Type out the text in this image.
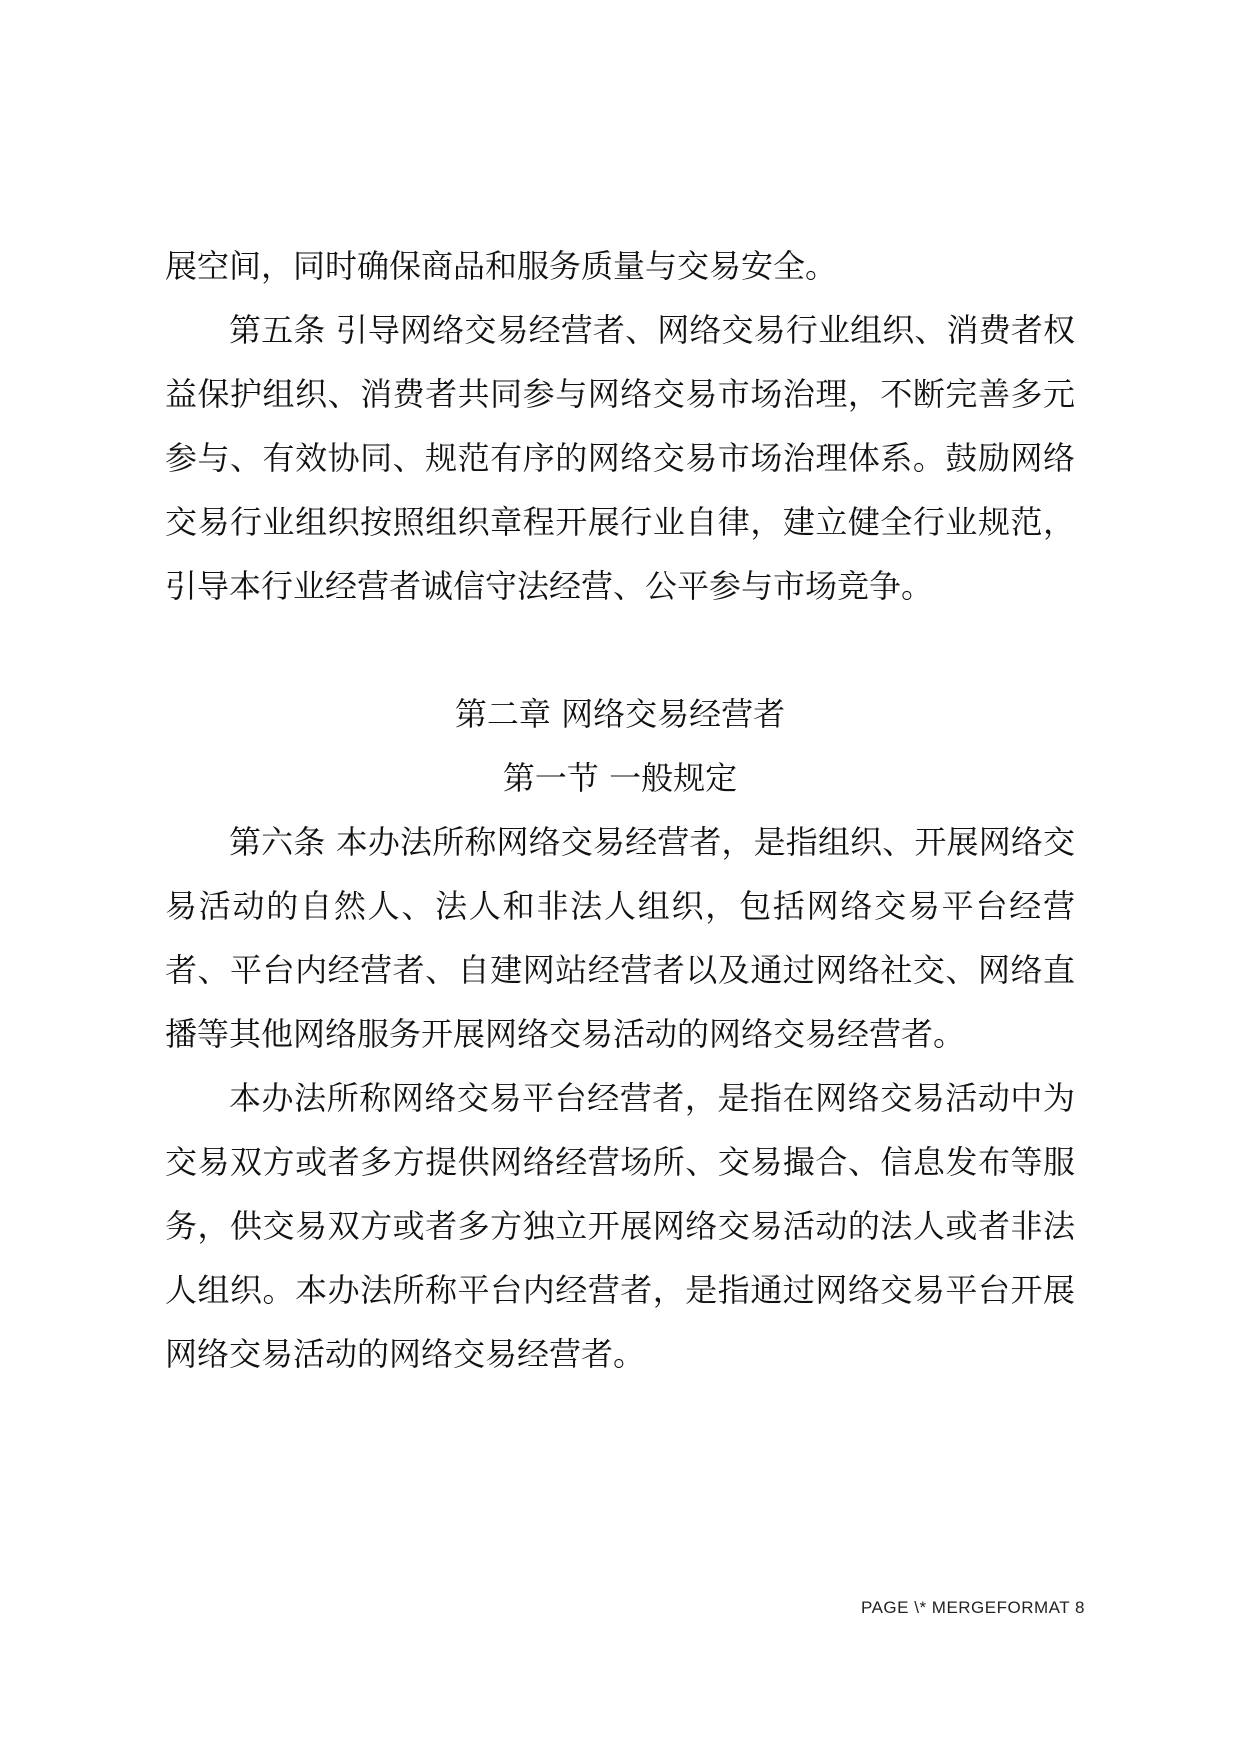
展空间，同时确保商品和服务质量与交易安全。

第五条 引导网络交易经营者、网络交易行业组织、消费者权益保护组织、消费者共同参与网络交易市场治理，不断完善多元参与、有效协同、规范有序的网络交易市场治理体系。鼓励网络交易行业组织按照组织章程开展行业自律，建立健全行业规范，引导本行业经营者诚信守法经营、公平参与市场竞争。

第二章 网络交易经营者

第一节 一般规定

第六条 本办法所称网络交易经营者，是指组织、开展网络交易活动的自然人、法人和非法人组织，包括网络交易平台经营者、平台内经营者、自建网站经营者以及通过网络社交、网络直播等其他网络服务开展网络交易活动的网络交易经营者。

本办法所称网络交易平台经营者，是指在网络交易活动中为交易双方或者多方提供网络经营场所、交易撮合、信息发布等服务，供交易双方或者多方独立开展网络交易活动的法人或者非法人组织。本办法所称平台内经营者，是指通过网络交易平台开展网络交易活动的网络交易经营者。

PAGE \* MERGEFORMAT 8
